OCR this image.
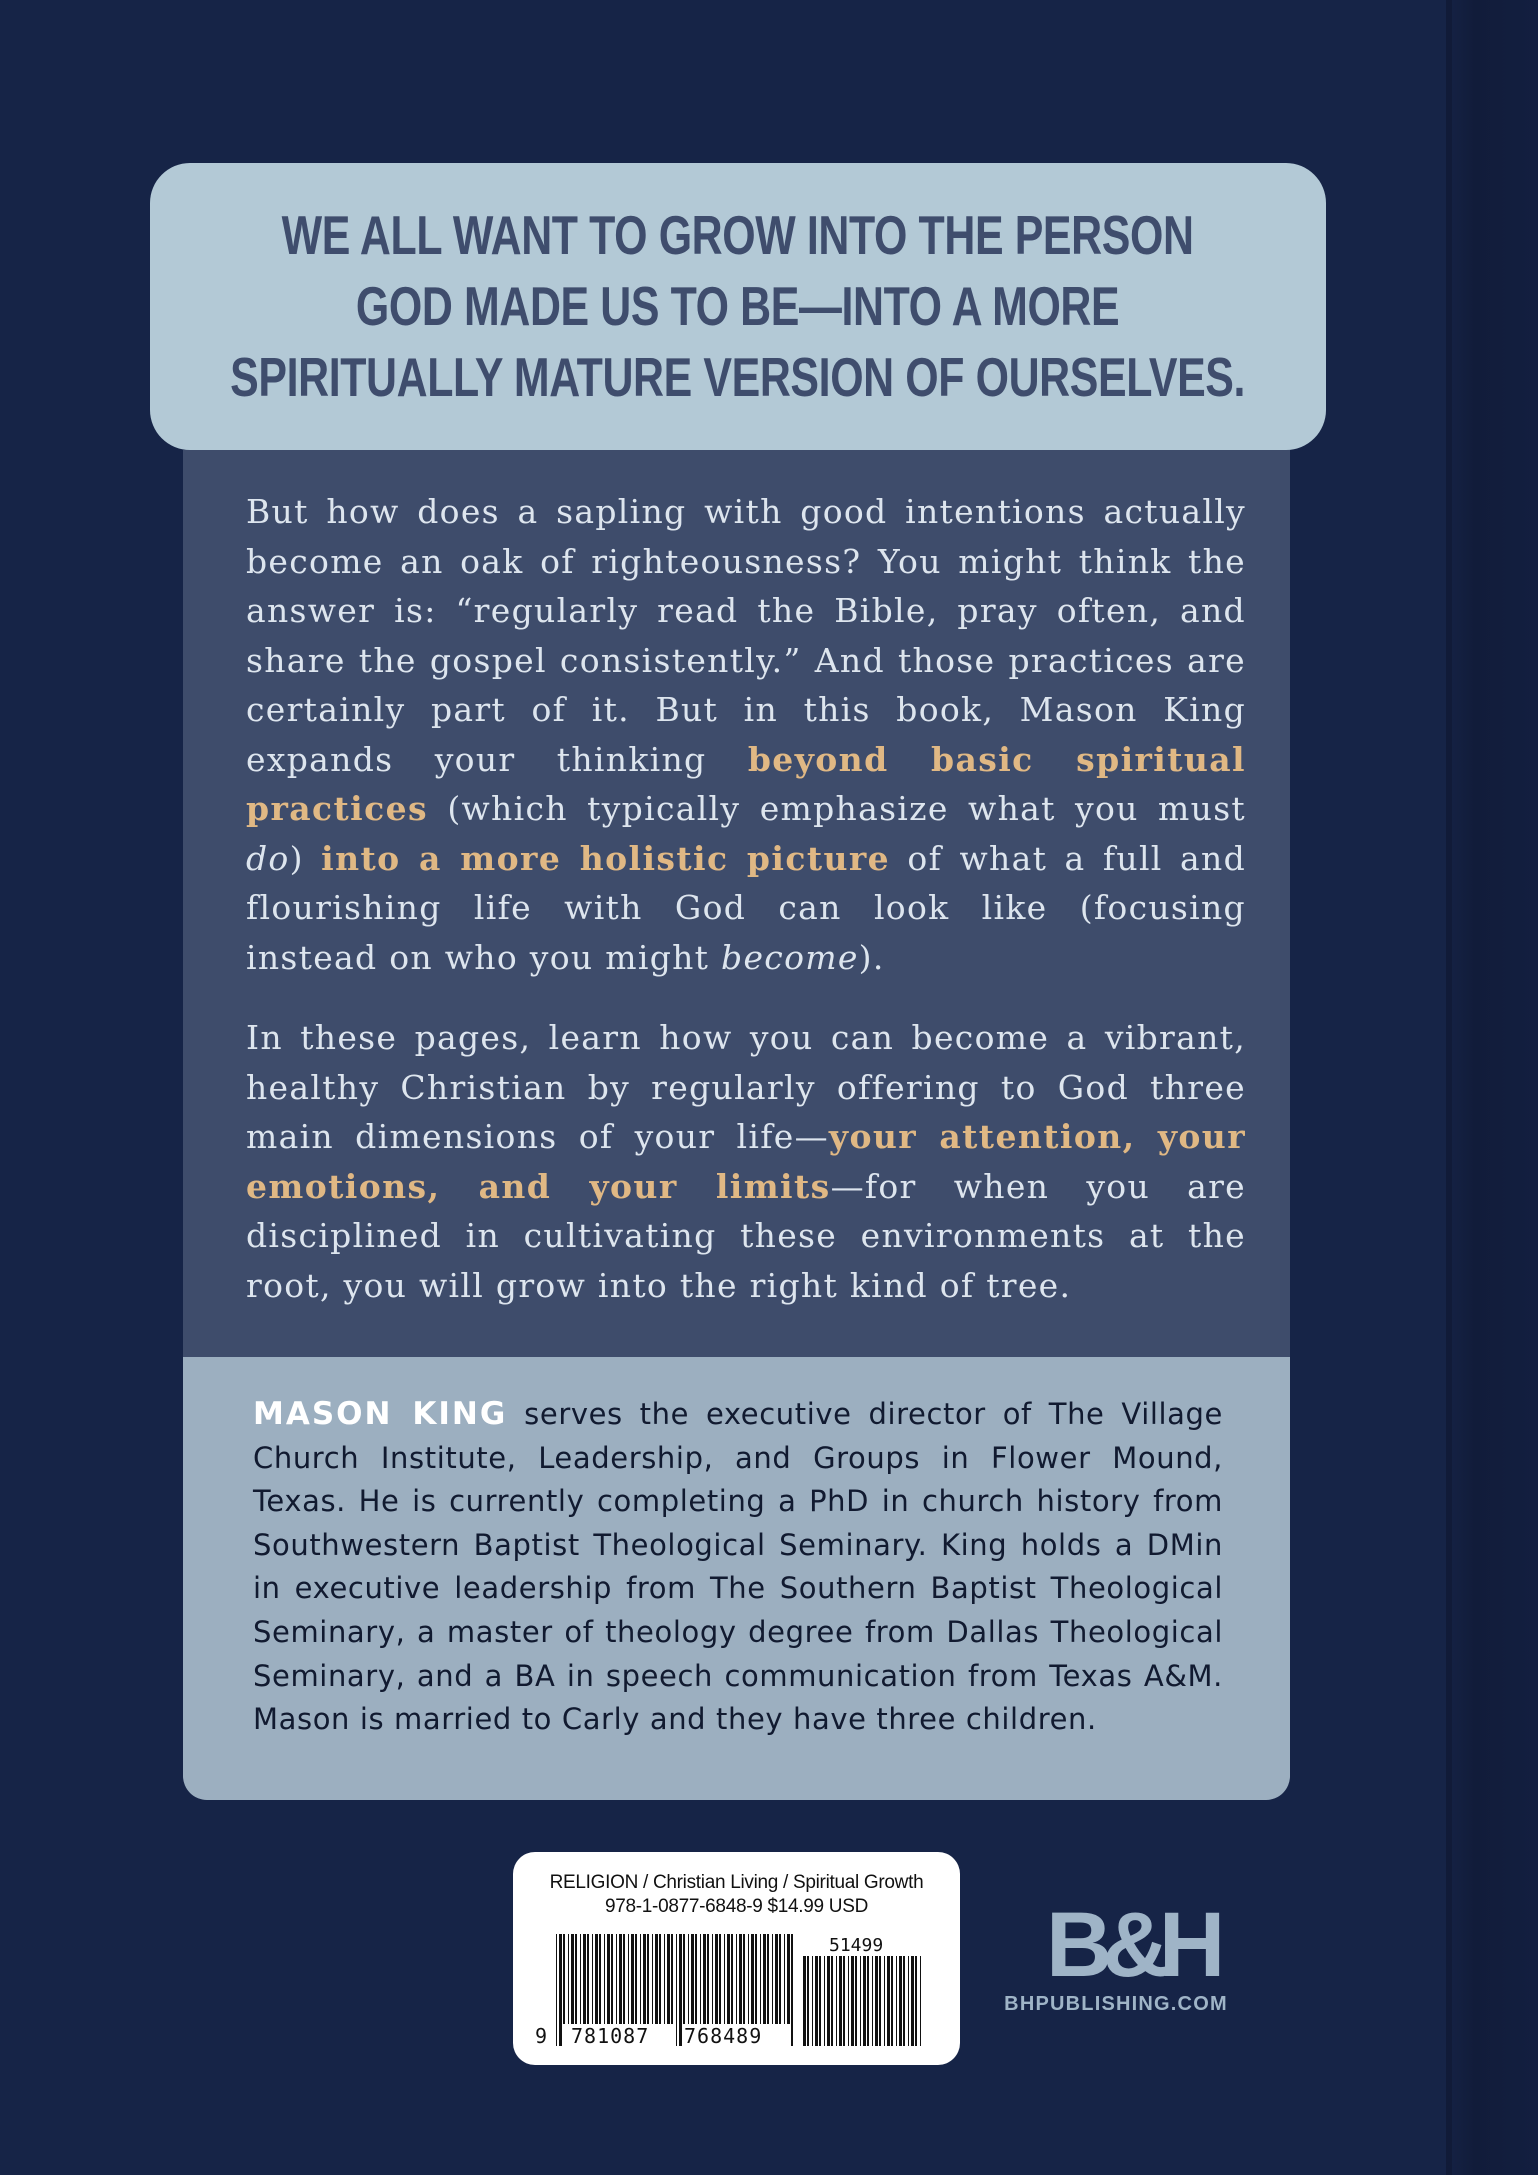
WE ALL WANT TO GROW INTO THE PERSON
GOD MADE US TO BE—INTO A MORE
SPIRITUALLY MATURE VERSION OF OURSELVES.

But how does a sapling with good intentions actually become an oak of righteousness? You might think the answer is: “regularly read the Bible, pray often, and share the gospel consistently.” And those practices are certainly part of it. But in this book, Mason King expands your thinking beyond basic spiritual practices (which typically emphasize what you must do) into a more holistic picture of what a full and flourishing life with God can look like (focusing instead on who you might become).

In these pages, learn how you can become a vibrant, healthy Christian by regularly offering to God three main dimensions of your life—your attention, your emotions, and your limits—for when you are disciplined in cultivating these environments at the root, you will grow into the right kind of tree.

MASON KING serves the executive director of The Village Church Institute, Leadership, and Groups in Flower Mound, Texas. He is currently completing a PhD in church history from Southwestern Baptist Theological Seminary. King holds a DMin in executive leadership from The Southern Baptist Theological Seminary, a master of theology degree from Dallas Theological Seminary, and a BA in speech communication from Texas A&M. Mason is married to Carly and they have three children.

RELIGION / Christian Living / Spiritual Growth

978-1-0877-6848-9 $14.99 USD

51499

9 781087 768489

B&H

BHPUBLISHING.COM
